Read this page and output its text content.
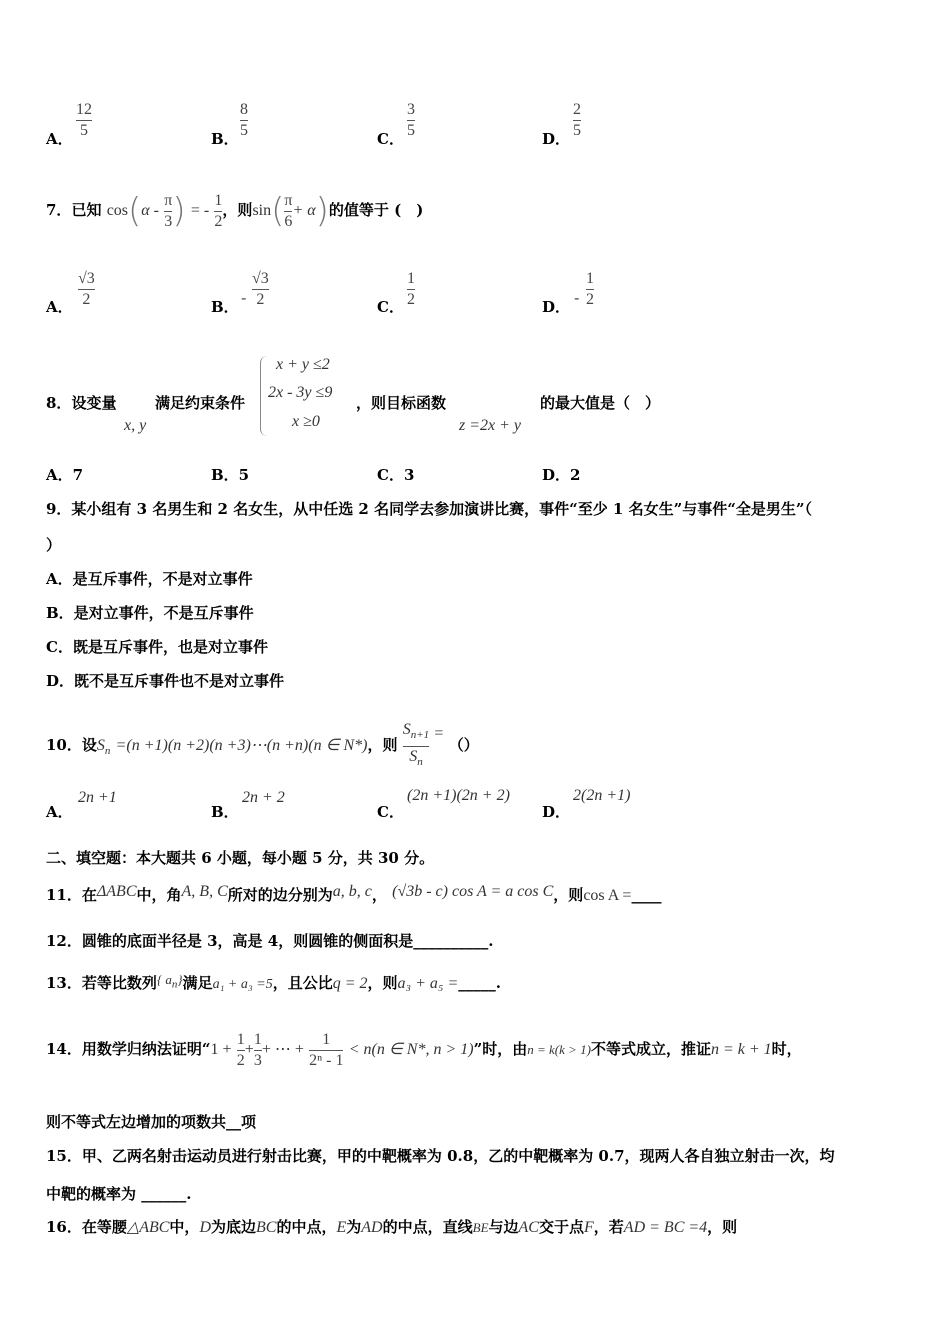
A．
12
5	B．
8
5	C．
3
5	D．
2
5
7．已知 $\cos(\alpha - \frac{\pi}{3}$ ) = - $\frac{1}{2}$ ，则$\sin( \frac{\pi}{6} + \alpha)$的值等于 (　)
A．
√3
2	B． -
√3
2	C．
1
2	D． -
1
2
8．设变量
x, y
满足约束条件
x + y ≤2
2x - 3y ≤9
x ≥0
，则目标函数
z =2x + y
的最大值是（　）
A．7	B．5	C．3	D．2
9．某小组有 3 名男生和 2 名女生，从中任选 2 名同学去参加演讲比赛，事件“至少 1 名女生”与事件“全是男生”（
）
A．是互斥事件，不是对立事件
B．是对立事件，不是互斥事件
C．既是互斥事件，也是对立事件
D．既不是互斥事件也不是对立事件
10．设$S_n =(n +1)(n +2)(n$ +3)⋯(n +n)(n ∈ N*)，则 $\frac{S_{n+1}}{S_n}$ = （）
A．
2n +1
B．
2n + 2
C．
(2n +1)(2n + 2)
D．
2(2n +1)
二、填空题：本大题共 6 小题，每小题 5 分，共 30 分。
11．在ΔABC中，角A, B, C所对的边分别为a, b, c， (√3b - c) cos A = a cos C，则cos A =____
12．圆锥的底面半径是 3，高是 4，则圆锥的侧面积是__________.
13．若等比数列{ $a_n$}满足a₁ + a₃ =5，且公比q = 2，则a₃ + a₅ =_____.
14．用数学归纳法证明“$1 + \frac{1}{2} + \frac{1}{3}$ + ⋯ + $\frac{1}{\text{2ⁿ - 1}} < n(n$ ∈ N*, n > 1)”时，由n = k(k > 1)不等式成立，推证n = k + 1时，
则不等式左边增加的项数共__项
15．甲、乙两名射击运动员进行射击比赛，甲的中靶概率为 0.8，乙的中靶概率为 0.7，现两人各自独立射击一次，均
中靶的概率为 ______.
16．在等腰△ABC中，D为底边BC的中点，E为AD的中点，直线BE与边AC交于点F，若AD = BC =4，则
